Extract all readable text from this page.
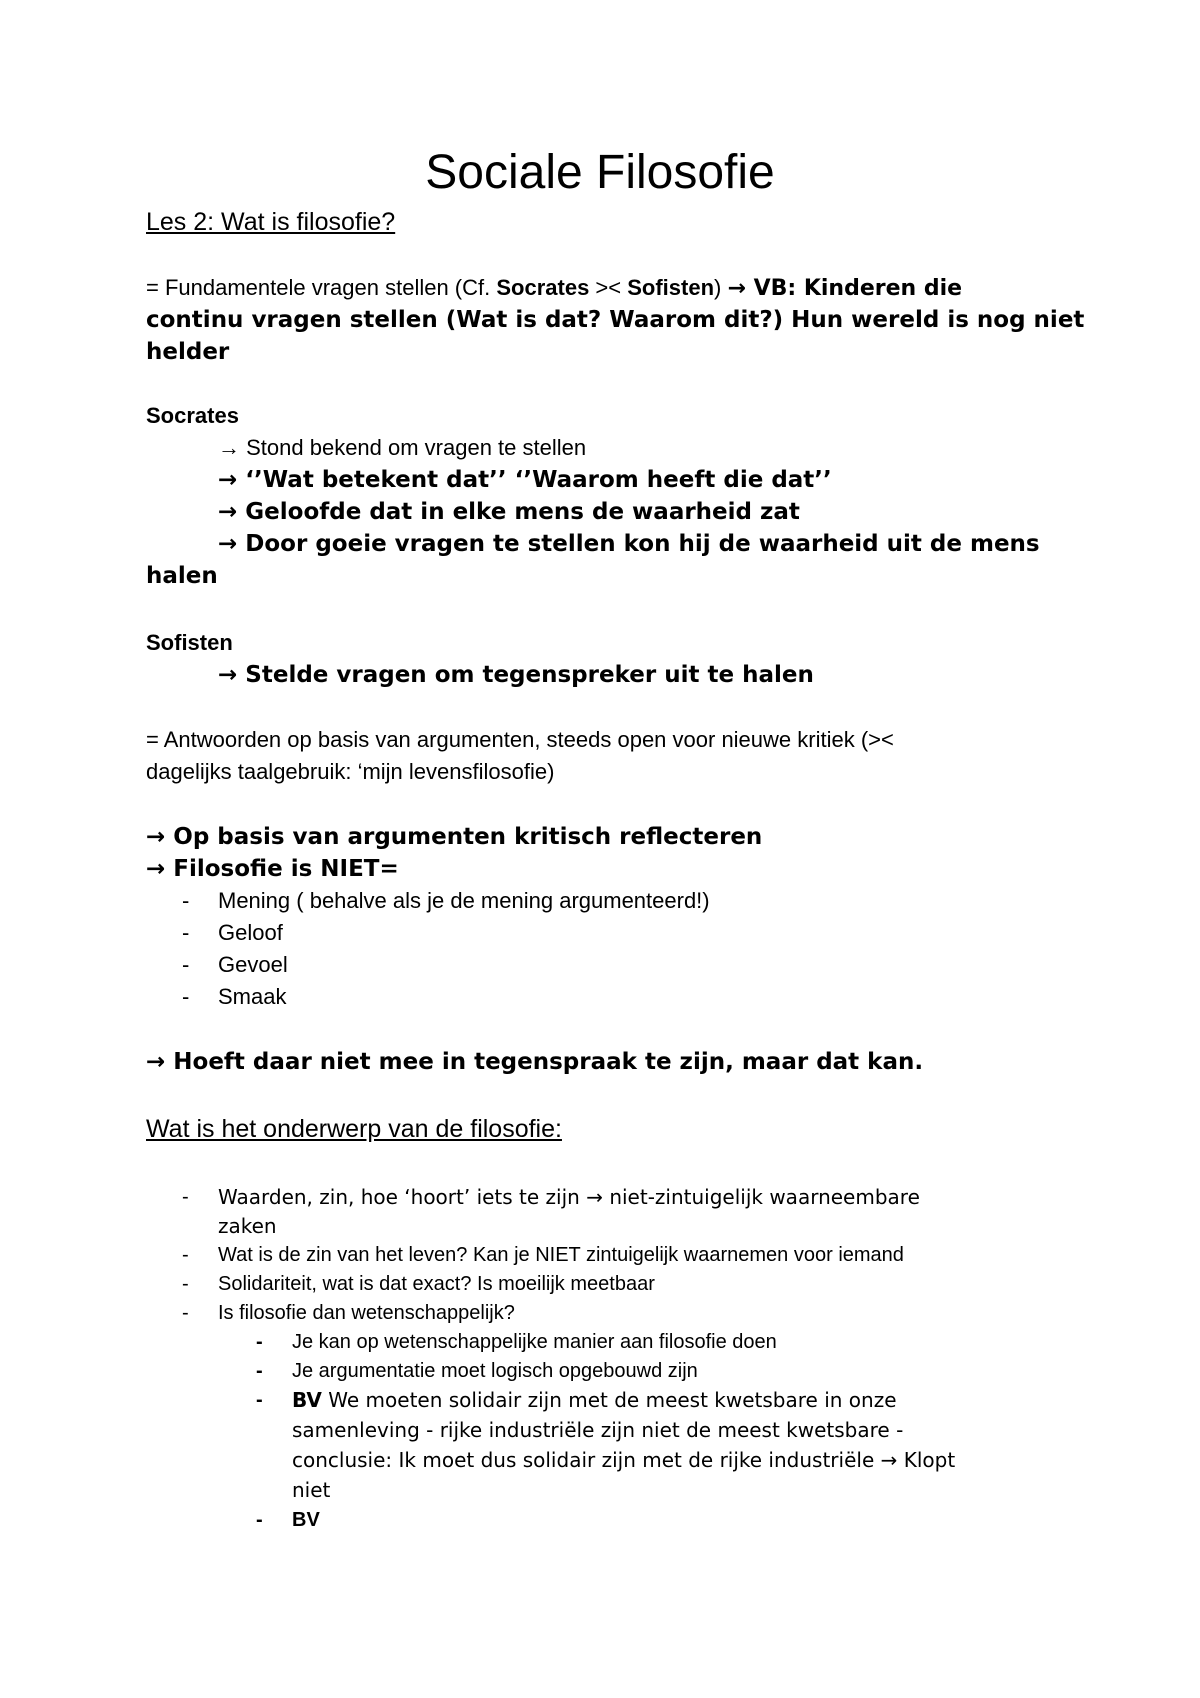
Sociale Filosofie
Les 2: Wat is filosofie?
= Fundamentele vragen stellen (Cf. Socrates >< Sofisten) → VB: Kinderen die
continu vragen stellen (Wat is dat? Waarom dit?) Hun wereld is nog niet
helder
Socrates
→ Stond bekend om vragen te stellen
→ ‘’Wat betekent dat’’ ‘’Waarom heeft die dat’’
→ Geloofde dat in elke mens de waarheid zat
→ Door goeie vragen te stellen kon hij de waarheid uit de mens
halen
Sofisten
→ Stelde vragen om tegenspreker uit te halen
= Antwoorden op basis van argumenten, steeds open voor nieuwe kritiek (><
dagelijks taalgebruik: ‘mijn levensfilosofie)
→ Op basis van argumenten kritisch reflecteren
→ Filosofie is NIET=
- Mening ( behalve als je de mening argumenteerd!)
- Geloof
- Gevoel
- Smaak
→ Hoeft daar niet mee in tegenspraak te zijn, maar dat kan.
Wat is het onderwerp van de filosofie:
- Waarden, zin, hoe ‘hoort’ iets te zijn → niet-zintuigelijk waarneembare
zaken
- Wat is de zin van het leven? Kan je NIET zintuigelijk waarnemen voor iemand
- Solidariteit, wat is dat exact? Is moeilijk meetbaar
- Is filosofie dan wetenschappelijk?
- Je kan op wetenschappelijke manier aan filosofie doen
- Je argumentatie moet logisch opgebouwd zijn
- BV We moeten solidair zijn met de meest kwetsbare in onze
samenleving - rijke industriële zijn niet de meest kwetsbare -
conclusie: Ik moet dus solidair zijn met de rijke industriële → Klopt
niet
- BV
